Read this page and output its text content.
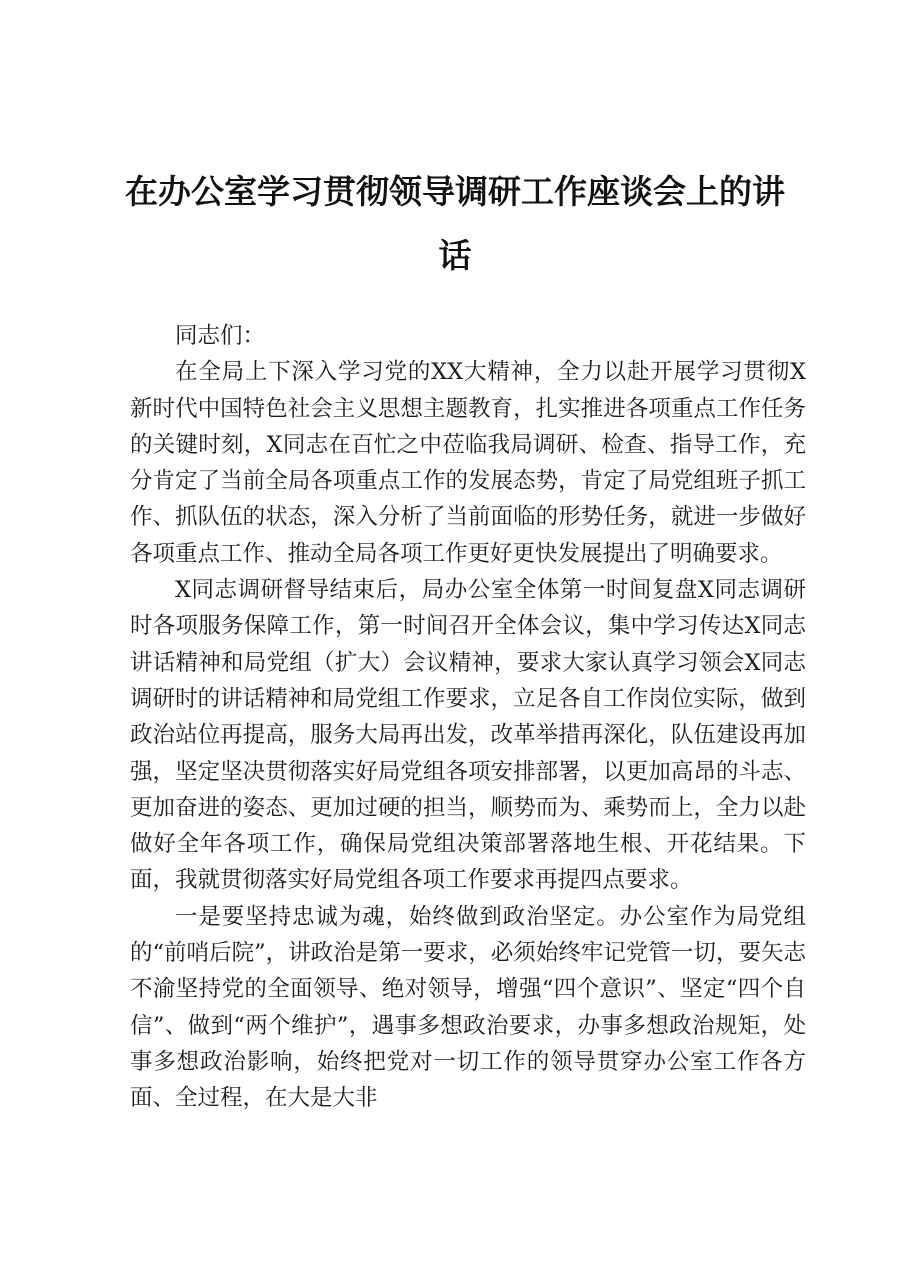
在办公室学习贯彻领导调研工作座谈会上的讲
话

同志们：

在全局上下深入学习党的XX大精神，全力以赴开展学习贯彻X新时代中国特色社会主义思想主题教育，扎实推进各项重点工作任务的关键时刻，X同志在百忙之中莅临我局调研、检查、指导工作，充分肯定了当前全局各项重点工作的发展态势，肯定了局党组班子抓工作、抓队伍的状态，深入分析了当前面临的形势任务，就进一步做好各项重点工作、推动全局各项工作更好更快发展提出了明确要求。

X同志调研督导结束后，局办公室全体第一时间复盘X同志调研时各项服务保障工作，第一时间召开全体会议，集中学习传达X同志讲话精神和局党组（扩大）会议精神，要求大家认真学习领会X同志调研时的讲话精神和局党组工作要求，立足各自工作岗位实际，做到政治站位再提高，服务大局再出发，改革举措再深化，队伍建设再加强，坚定坚决贯彻落实好局党组各项安排部署，以更加高昂的斗志、更加奋进的姿态、更加过硬的担当，顺势而为、乘势而上，全力以赴做好全年各项工作，确保局党组决策部署落地生根、开花结果。下面，我就贯彻落实好局党组各项工作要求再提四点要求。

一是要坚持忠诚为魂，始终做到政治坚定。办公室作为局党组的“前哨后院”，讲政治是第一要求，必须始终牢记党管一切，要矢志不渝坚持党的全面领导、绝对领导，增强“四个意识”、坚定“四个自信”、做到“两个维护”，遇事多想政治要求，办事多想政治规矩，处事多想政治影响，始终把党对一切工作的领导贯穿办公室工作各方面、全过程，在大是大非
